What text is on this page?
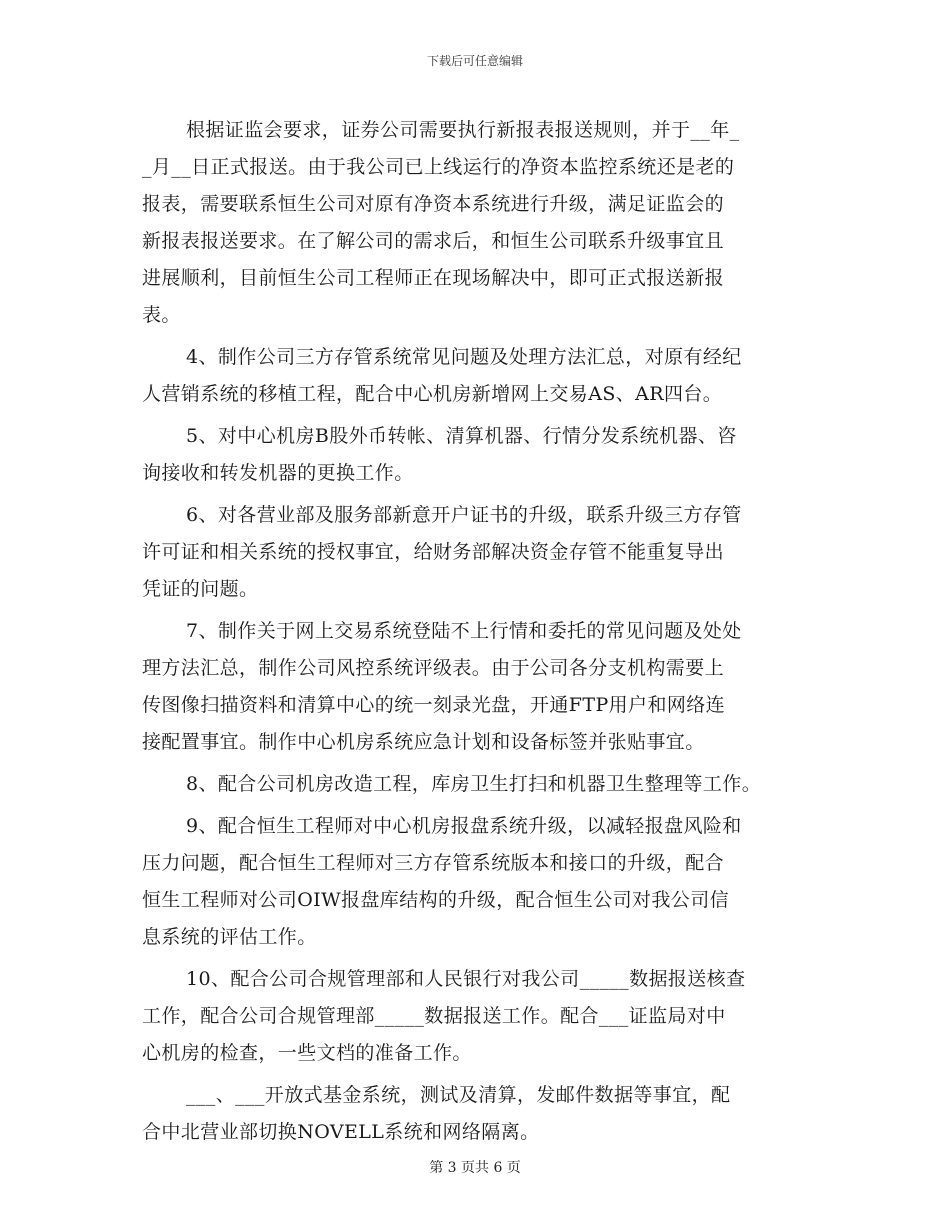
下载后可任意编辑
根据证监会要求，证券公司需要执行新报表报送规则，并于__年_
_月__日正式报送。由于我公司已上线运行的净资本监控系统还是老的
报表，需要联系恒生公司对原有净资本系统进行升级，满足证监会的
新报表报送要求。在了解公司的需求后，和恒生公司联系升级事宜且
进展顺利，目前恒生公司工程师正在现场解决中，即可正式报送新报
表。
4、制作公司三方存管系统常见问题及处理方法汇总，对原有经纪
人营销系统的移植工程，配合中心机房新增网上交易AS、AR四台。
5、对中心机房B股外币转帐、清算机器、行情分发系统机器、咨
询接收和转发机器的更换工作。
6、对各营业部及服务部新意开户证书的升级，联系升级三方存管
许可证和相关系统的授权事宜，给财务部解决资金存管不能重复导出
凭证的问题。
7、制作关于网上交易系统登陆不上行情和委托的常见问题及处处
理方法汇总，制作公司风控系统评级表。由于公司各分支机构需要上
传图像扫描资料和清算中心的统一刻录光盘，开通FTP用户和网络连
接配置事宜。制作中心机房系统应急计划和设备标签并张贴事宜。
8、配合公司机房改造工程，库房卫生打扫和机器卫生整理等工作。
9、配合恒生工程师对中心机房报盘系统升级，以减轻报盘风险和
压力问题，配合恒生工程师对三方存管系统版本和接口的升级，配合
恒生工程师对公司OIW报盘库结构的升级，配合恒生公司对我公司信
息系统的评估工作。
10、配合公司合规管理部和人民银行对我公司_____数据报送核查
工作，配合公司合规管理部_____数据报送工作。配合___证监局对中
心机房的检查，一些文档的准备工作。
___、___开放式基金系统，测试及清算，发邮件数据等事宜，配
合中北营业部切换NOVELL系统和网络隔离。
第 3 页共 6 页
